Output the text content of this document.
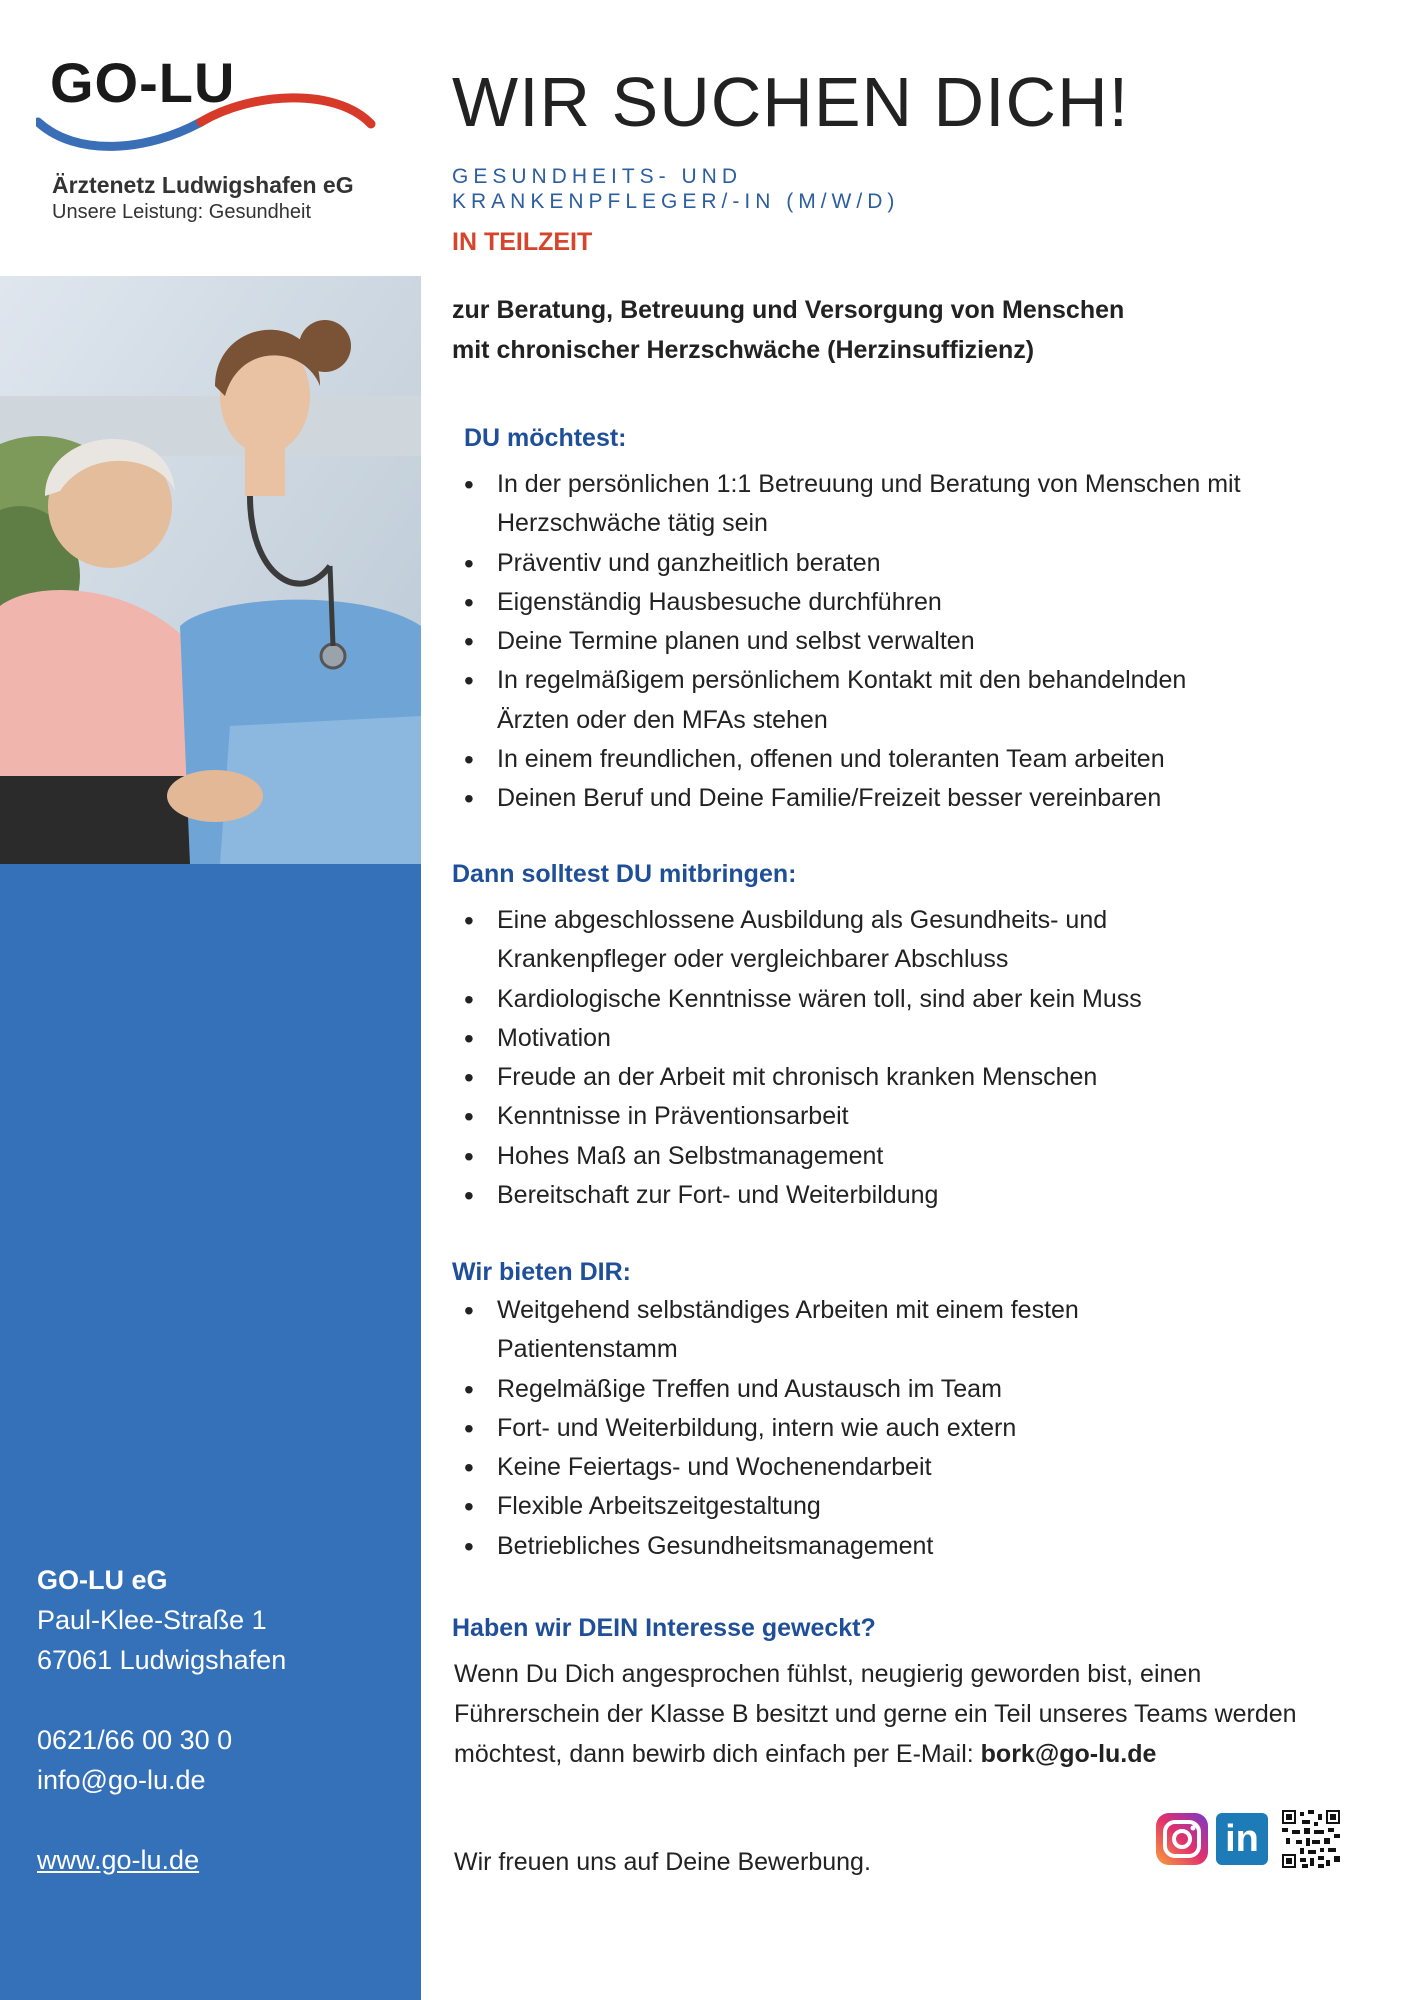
GO-LU
Ärztenetz Ludwigshafen eG
Unsere Leistung: Gesundheit
GO-LU eG
Paul-Klee-Straße 1
67061 Ludwigshafen
0621/66 00 30 0
info@go-lu.de
www.go-lu.de
WIR SUCHEN DICH!
GESUNDHEITS- UND
KRANKENPFLEGER/-IN (M/W/D)
IN TEILZEIT
zur Beratung, Betreuung und Versorgung von Menschen
mit chronischer Herzschwäche (Herzinsuffizienz)
DU möchtest:
• In der persönlichen 1:1 Betreuung und Beratung von Menschen mit
Herzschwäche tätig sein
• Präventiv und ganzheitlich beraten
• Eigenständig Hausbesuche durchführen
• Deine Termine planen und selbst verwalten
• In regelmäßigem persönlichem Kontakt mit den behandelnden
Ärzten oder den MFAs stehen
• In einem freundlichen, offenen und toleranten Team arbeiten
• Deinen Beruf und Deine Familie/Freizeit besser vereinbaren
Dann solltest DU mitbringen:
• Eine abgeschlossene Ausbildung als Gesundheits- und
Krankenpfleger oder vergleichbarer Abschluss
• Kardiologische Kenntnisse wären toll, sind aber kein Muss
• Motivation
• Freude an der Arbeit mit chronisch kranken Menschen
• Kenntnisse in Präventionsarbeit
• Hohes Maß an Selbstmanagement
• Bereitschaft zur Fort- und Weiterbildung
Wir bieten DIR:
• Weitgehend selbständiges Arbeiten mit einem festen
Patientenstamm
• Regelmäßige Treffen und Austausch im Team
• Fort- und Weiterbildung, intern wie auch extern
• Keine Feiertags- und Wochenendarbeit
• Flexible Arbeitszeitgestaltung
• Betriebliches Gesundheitsmanagement
Haben wir DEIN Interesse geweckt?
Wenn Du Dich angesprochen fühlst, neugierig geworden bist, einen Führerschein der Klasse B besitzt und gerne ein Teil unseres Teams werden möchtest, dann bewirb dich einfach per E-Mail: bork@go-lu.de
Wir freuen uns auf Deine Bewerbung.
in
